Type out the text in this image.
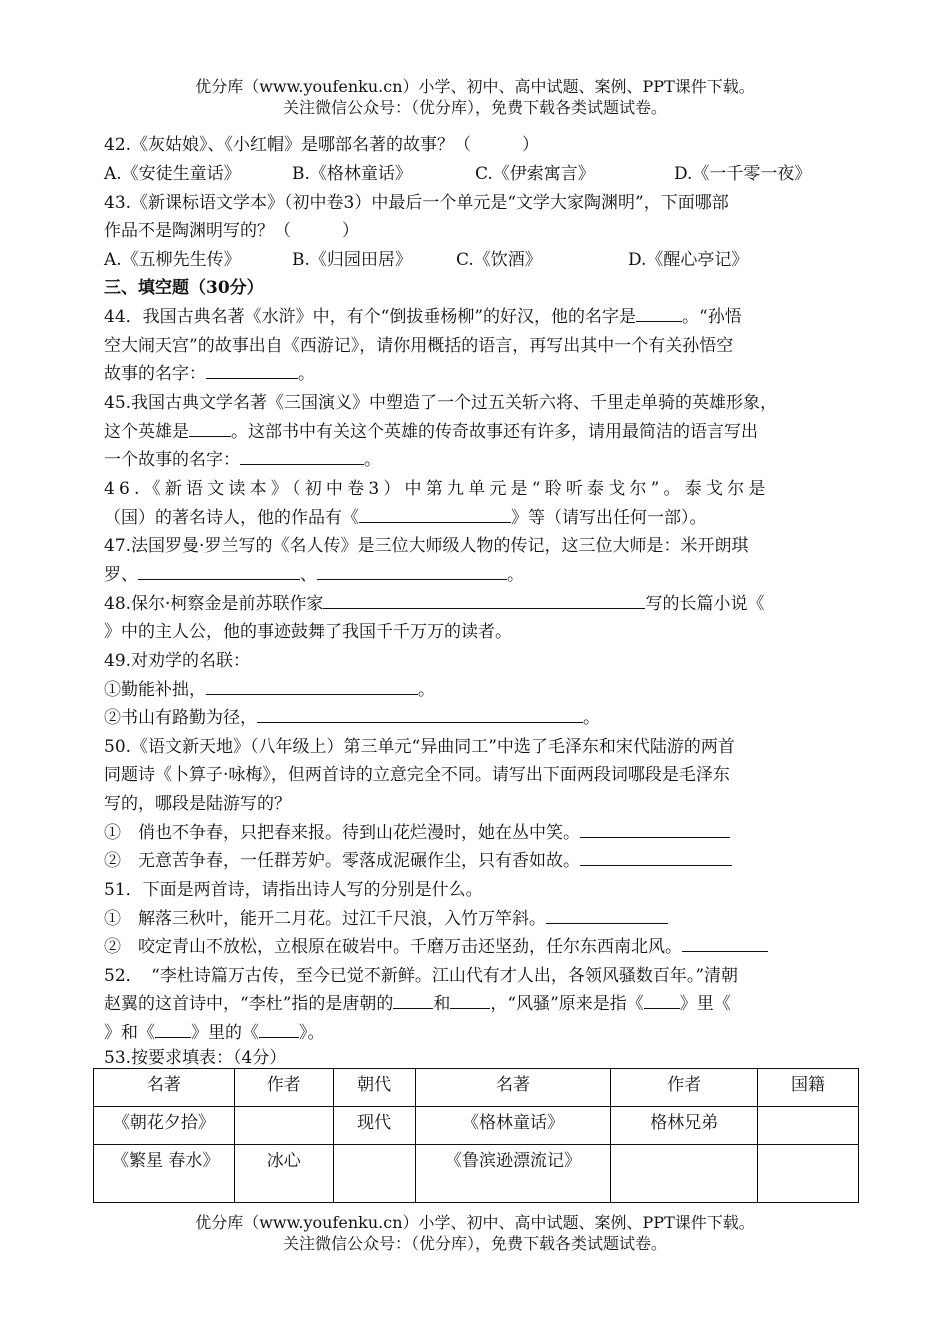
优分库（www.youfenku.cn）小学、初中、高中试题、案例、PPT课件下载。
关注微信公众号：（优分库），免费下载各类试题试卷。
42.《灰姑娘》、《小红帽》是哪部名著的故事？（　　　）
A.《安徒生童话》	B.《格林童话》	C.《伊索寓言》	D.《一千零一夜》
43.《新课标语文学本》（初中卷3）中最后一个单元是“文学大家陶渊明”，下面哪部
作品不是陶渊明写的？（　　　）
A.《五柳先生传》	B.《归园田居》	C.《饮酒》	D.《醒心亭记》
三、填空题（30分）
44．我国古典名著《水浒》中，有个“倒拔垂杨柳”的好汉，他的名字是	。“孙悟
空大闹天宫”的故事出自《西游记》，请你用概括的语言，再写出其中一个有关孙悟空
故事的名字：	。
45.我国古典文学名著《三国演义》中塑造了一个过五关斩六将、千里走单骑的英雄形象，
这个英雄是 。这部书中有关这个英雄的传奇故事还有许多，请用最简洁的语言写出
一个故事的名字：	。
46.《新语文读本》（初中卷3）中第九单元是“聆听泰戈尔”。泰戈尔是
（国）的著名诗人，他的作品有《	》等（请写出任何一部）。
47.法国罗曼·罗兰写的《名人传》是三位大师级人物的传记，这三位大师是：米开朗琪
罗、	、	。
48.保尔·柯察金是前苏联作家	写的长篇小说《
》中的主人公，他的事迹鼓舞了我国千千万万的读者。
49.对劝学的名联：
①勤能补拙，	。
②书山有路勤为径，	。
50.《语文新天地》（八年级上）第三单元“异曲同工”中选了毛泽东和宋代陆游的两首
同题诗《卜算子·咏梅》，但两首诗的立意完全不同。请写出下面两段词哪段是毛泽东
写的，哪段是陆游写的？
①　俏也不争春，只把春来报。待到山花烂漫时，她在丛中笑。
②　无意苦争春，一任群芳妒。零落成泥碾作尘，只有香如故。
51．下面是两首诗，请指出诗人写的分别是什么。
①　解落三秋叶，能开二月花。过江千尺浪，入竹万竿斜。
②　咬定青山不放松，立根原在破岩中。千磨万击还坚劲，任尔东西南北风。
52．　“李杜诗篇万古传，至今已觉不新鲜。江山代有才人出，各领风骚数百年。”清朝
赵翼的这首诗中，“李杜”指的是唐朝的 和 ，“风骚”原来是指《 》里《
》和《 》里的《 》。
53.按要求填表：（4分）
名著	作者	朝代	名著	作者	国籍
《朝花夕拾》		现代	《格林童话》	格林兄弟	
《繁星 春水》	冰心		《鲁滨逊漂流记》		
优分库（www.youfenku.cn）小学、初中、高中试题、案例、PPT课件下载。
关注微信公众号：（优分库），免费下载各类试题试卷。
